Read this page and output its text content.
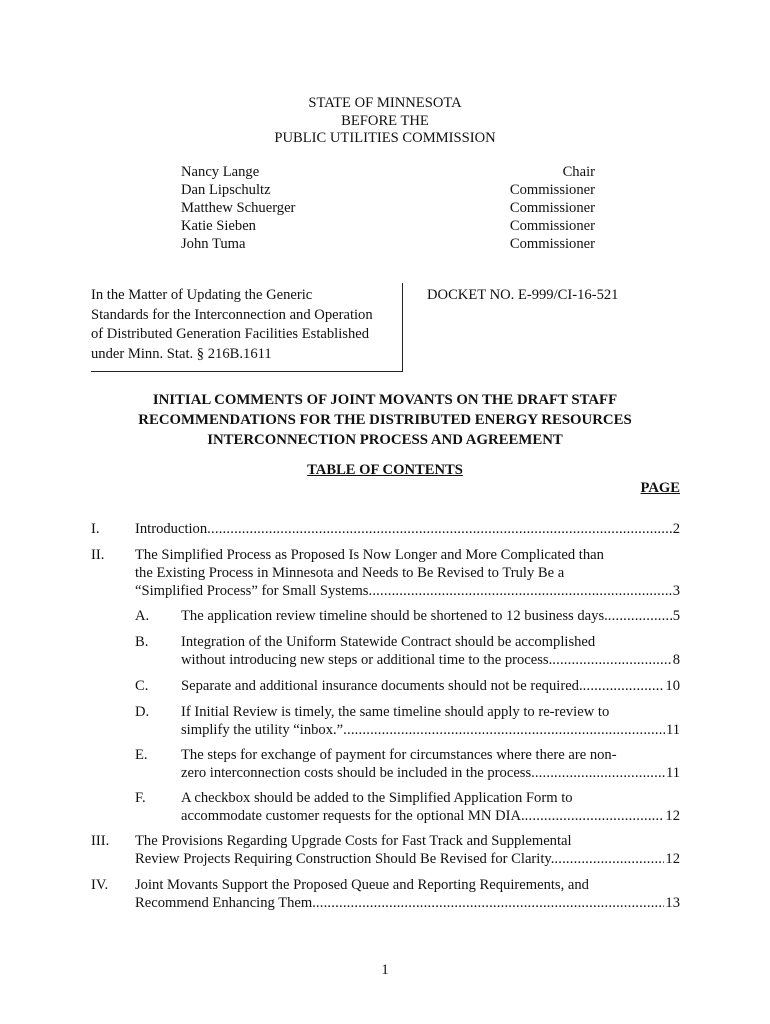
STATE OF MINNESOTA
BEFORE THE
PUBLIC UTILITIES COMMISSION
Nancy Lange	Chair
Dan Lipschultz	Commissioner
Matthew Schuerger	Commissioner
Katie Sieben	Commissioner
John Tuma	Commissioner
In the Matter of Updating the Generic
Standards for the Interconnection and Operation
of Distributed Generation Facilities Established
under Minn. Stat. § 216B.1611
DOCKET NO. E-999/CI-16-521
INITIAL COMMENTS OF JOINT MOVANTS ON THE DRAFT STAFF
RECOMMENDATIONS FOR THE DISTRIBUTED ENERGY RESOURCES
INTERCONNECTION PROCESS AND AGREEMENT
TABLE OF CONTENTS
PAGE
I.	Introduction .....	2
II.	The Simplified Process as Proposed Is Now Longer and More Complicated than
the Existing Process in Minnesota and Needs to Be Revised to Truly Be a
“Simplified Process” for Small Systems .....	3
A.	The application review timeline should be shortened to 12 business days. .....	5
B.	Integration of the Uniform Statewide Contract should be accomplished
without introducing new steps or additional time to the process. .....	8
C.	Separate and additional insurance documents should not be required. .....	10
D.	If Initial Review is timely, the same timeline should apply to re-review to
simplify the utility “inbox.” .....	11
E.	The steps for exchange of payment for circumstances where there are non-
zero interconnection costs should be included in the process. .....	11
F.	A checkbox should be added to the Simplified Application Form to
accommodate customer requests for the optional MN DIA. .....	12
III.	The Provisions Regarding Upgrade Costs for Fast Track and Supplemental
Review Projects Requiring Construction Should Be Revised for Clarity. .....	12
IV.	Joint Movants Support the Proposed Queue and Reporting Requirements, and
Recommend Enhancing Them. .....	13
1
